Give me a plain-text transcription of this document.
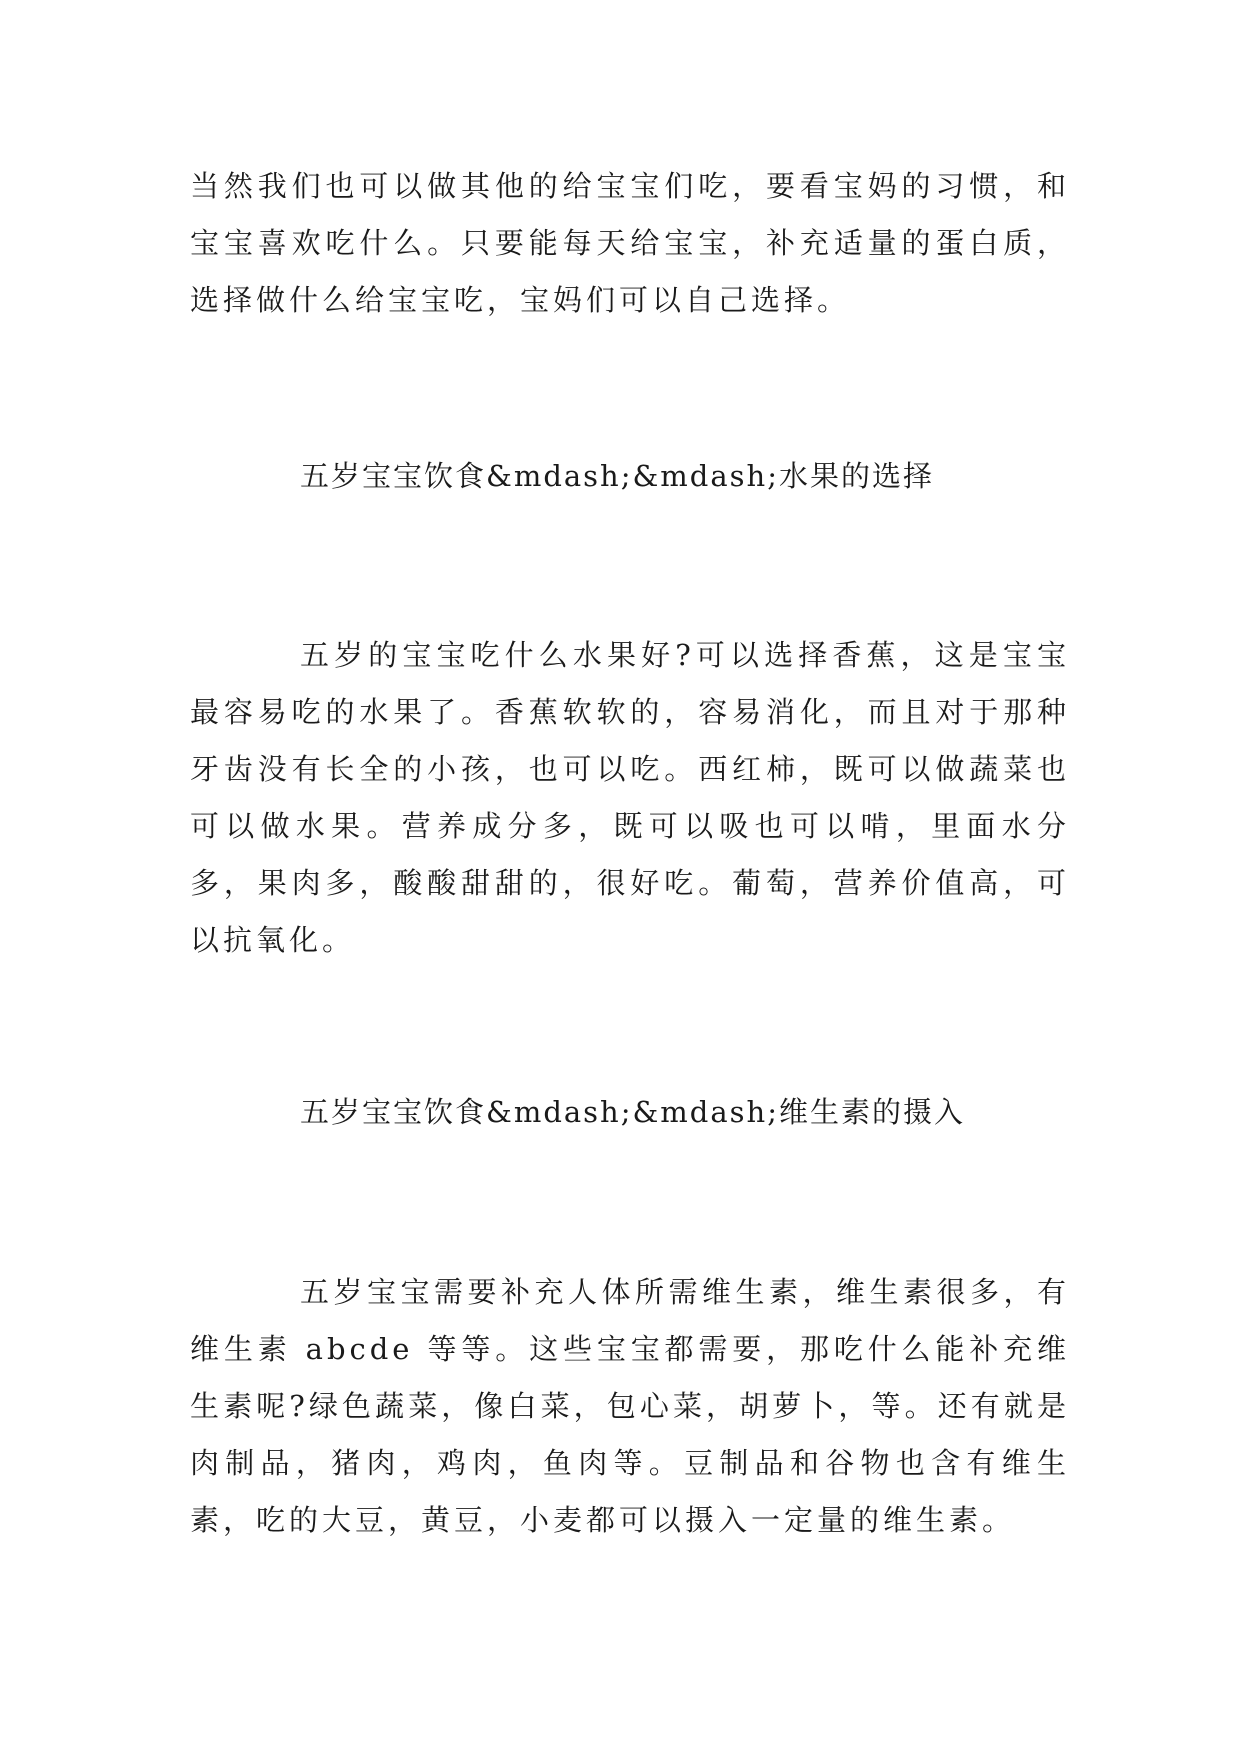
当然我们也可以做其他的给宝宝们吃，要看宝妈的习惯，和宝宝喜欢吃什么。只要能每天给宝宝，补充适量的蛋白质，选择做什么给宝宝吃，宝妈们可以自己选择。

五岁宝宝饮食&mdash;&mdash;水果的选择

五岁的宝宝吃什么水果好?可以选择香蕉，这是宝宝最容易吃的水果了。香蕉软软的，容易消化，而且对于那种牙齿没有长全的小孩，也可以吃。西红柿，既可以做蔬菜也可以做水果。营养成分多，既可以吸也可以啃，里面水分多，果肉多，酸酸甜甜的，很好吃。葡萄，营养价值高，可以抗氧化。

五岁宝宝饮食&mdash;&mdash;维生素的摄入

五岁宝宝需要补充人体所需维生素，维生素很多，有维生素 abcde 等等。这些宝宝都需要，那吃什么能补充维生素呢?绿色蔬菜，像白菜，包心菜，胡萝卜，等。还有就是肉制品，猪肉，鸡肉，鱼肉等。豆制品和谷物也含有维生素，吃的大豆，黄豆，小麦都可以摄入一定量的维生素。
